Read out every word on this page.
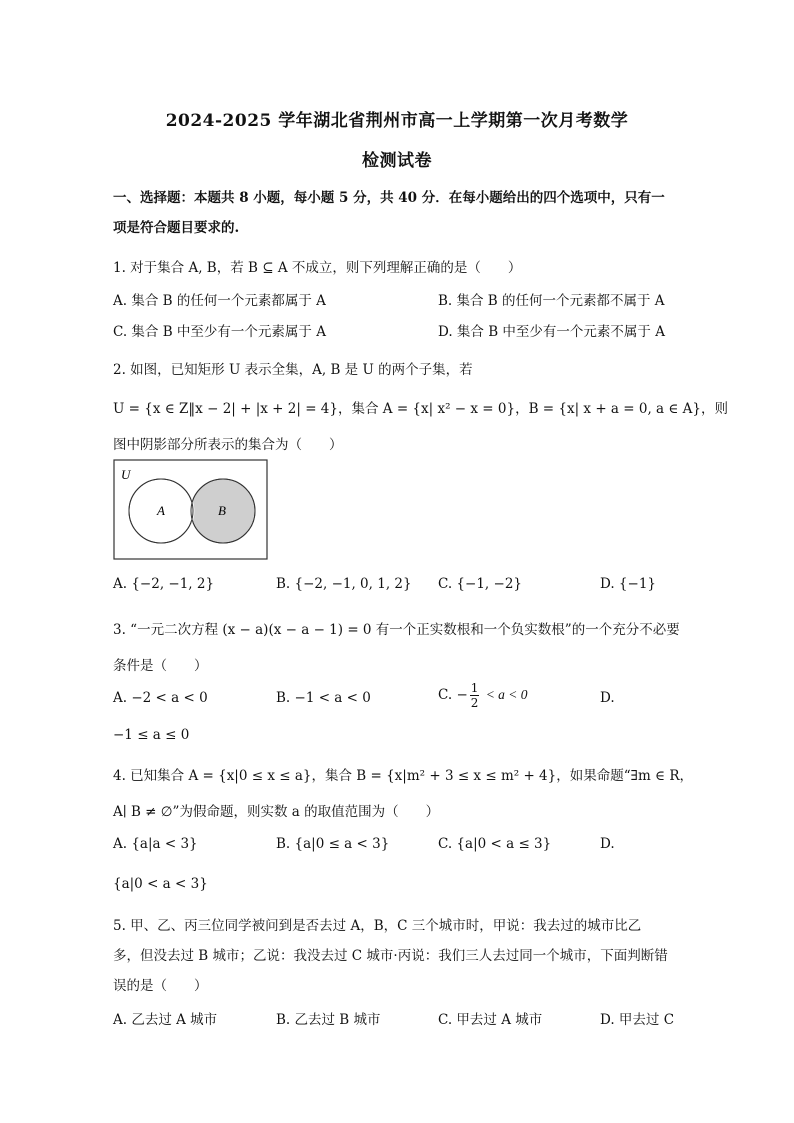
2024-2025 学年湖北省荆州市高一上学期第一次月考数学
检测试卷
一、选择题：本题共 8 小题，每小题 5 分，共 40 分．在每小题给出的四个选项中，只有一
项是符合题目要求的.
1. 对于集合 A, B，若 B ⊆ A 不成立，则下列理解正确的是（　　）
A. 集合 B 的任何一个元素都属于 A	B. 集合 B 的任何一个元素都不属于 A
C. 集合 B 中至少有一个元素属于 A	D. 集合 B 中至少有一个元素不属于 A
2. 如图，已知矩形 U 表示全集，A, B 是 U 的两个子集，若
U = {x ∈ Z‖x − 2| + |x + 2| = 4}，集合 A = {x| x² − x = 0}，B = {x| x + a = 0, a ∈ A}，则
图中阴影部分所表示的集合为（　　）
U
A	B
A. {−2, −1, 2}	B. {−2, −1, 0, 1, 2} C. {−1, −2}	D. {−1}
3. “一元二次方程 (x − a)(x − a − 1) = 0 有一个正实数根和一个负实数根”的一个充分不必要
条件是（　　）
A. −2 < a < 0	B. −1 < a < 0	C. − $\frac{1}{2} < a < 0$	D.
−1 ≤ a ≤ 0
4. 已知集合 A = {x|0 ≤ x ≤ a}，集合 B = {x|m² + 3 ≤ x ≤ m² + 4}，如果命题“∃m ∈ R，
A∣ B ≠ ∅”为假命题，则实数 a 的取值范围为（　　）
A. {a|a < 3}	B. {a|0 ≤ a < 3}	C. {a|0 < a ≤ 3}	D.
{a|0 < a < 3}
5. 甲、乙、丙三位同学被问到是否去过 A，B，C 三个城市时，甲说：我去过的城市比乙
多，但没去过 B 城市；乙说：我没去过 C 城市·丙说：我们三人去过同一个城市，下面判断错
误的是（　　）
A. 乙去过 A 城市	B. 乙去过 B 城市	C. 甲去过 A 城市	D. 甲去过 C
